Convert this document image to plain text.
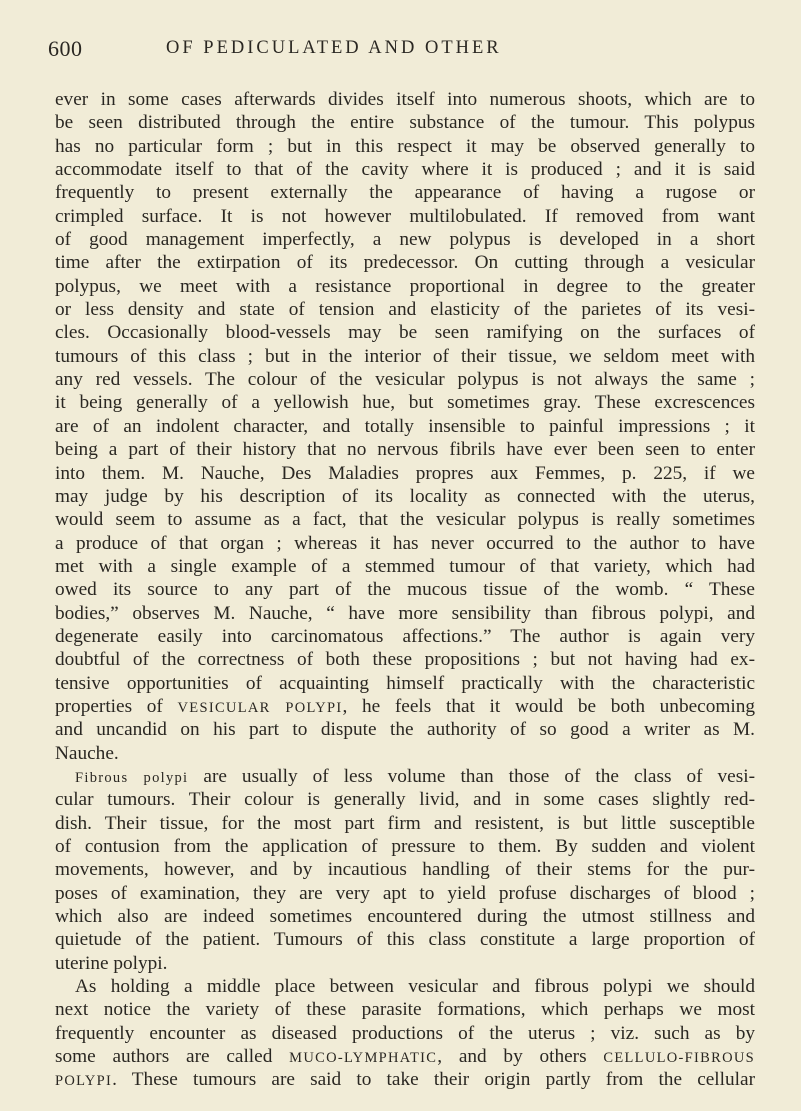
600	OF PEDICULATED AND OTHER
ever in some cases afterwards divides itself into numerous shoots, which are to
be seen distributed through the entire substance of the tumour. This polypus
has no particular form ; but in this respect it may be observed generally to
accommodate itself to that of the cavity where it is produced ; and it is said
frequently to present externally the appearance of having a rugose or
crimpled surface. It is not however multilobulated. If removed from want
of good management imperfectly, a new polypus is developed in a short
time after the extirpation of its predecessor. On cutting through a vesicular
polypus, we meet with a resistance proportional in degree to the greater
or less density and state of tension and elasticity of the parietes of its vesi-
cles. Occasionally blood-vessels may be seen ramifying on the surfaces of
tumours of this class ; but in the interior of their tissue, we seldom meet with
any red vessels. The colour of the vesicular polypus is not always the same ;
it being generally of a yellowish hue, but sometimes gray. These excrescences
are of an indolent character, and totally insensible to painful impressions ; it
being a part of their history that no nervous fibrils have ever been seen to enter
into them. M. Nauche, Des Maladies propres aux Femmes, p. 225, if we
may judge by his description of its locality as connected with the uterus,
would seem to assume as a fact, that the vesicular polypus is really sometimes
a produce of that organ ; whereas it has never occurred to the author to have
met with a single example of a stemmed tumour of that variety, which had
owed its source to any part of the mucous tissue of the womb. “ These
bodies,” observes M. Nauche, “ have more sensibility than fibrous polypi, and
degenerate easily into carcinomatous affections.” The author is again very
doubtful of the correctness of both these propositions ; but not having had ex-
tensive opportunities of acquainting himself practically with the characteristic
properties of VESICULAR POLYPI, he feels that it would be both unbecoming
and uncandid on his part to dispute the authority of so good a writer as M.
Nauche.
Fibrous polypi are usually of less volume than those of the class of vesi-
cular tumours. Their colour is generally livid, and in some cases slightly red-
dish. Their tissue, for the most part firm and resistent, is but little susceptible
of contusion from the application of pressure to them. By sudden and violent
movements, however, and by incautious handling of their stems for the pur-
poses of examination, they are very apt to yield profuse discharges of blood ;
which also are indeed sometimes encountered during the utmost stillness and
quietude of the patient. Tumours of this class constitute a large proportion of
uterine polypi.
As holding a middle place between vesicular and fibrous polypi we should
next notice the variety of these parasite formations, which perhaps we most
frequently encounter as diseased productions of the uterus ; viz. such as by
some authors are called MUCO-LYMPHATIC, and by others CELLULO-FIBROUS
POLYPI. These tumours are said to take their origin partly from the cellular
